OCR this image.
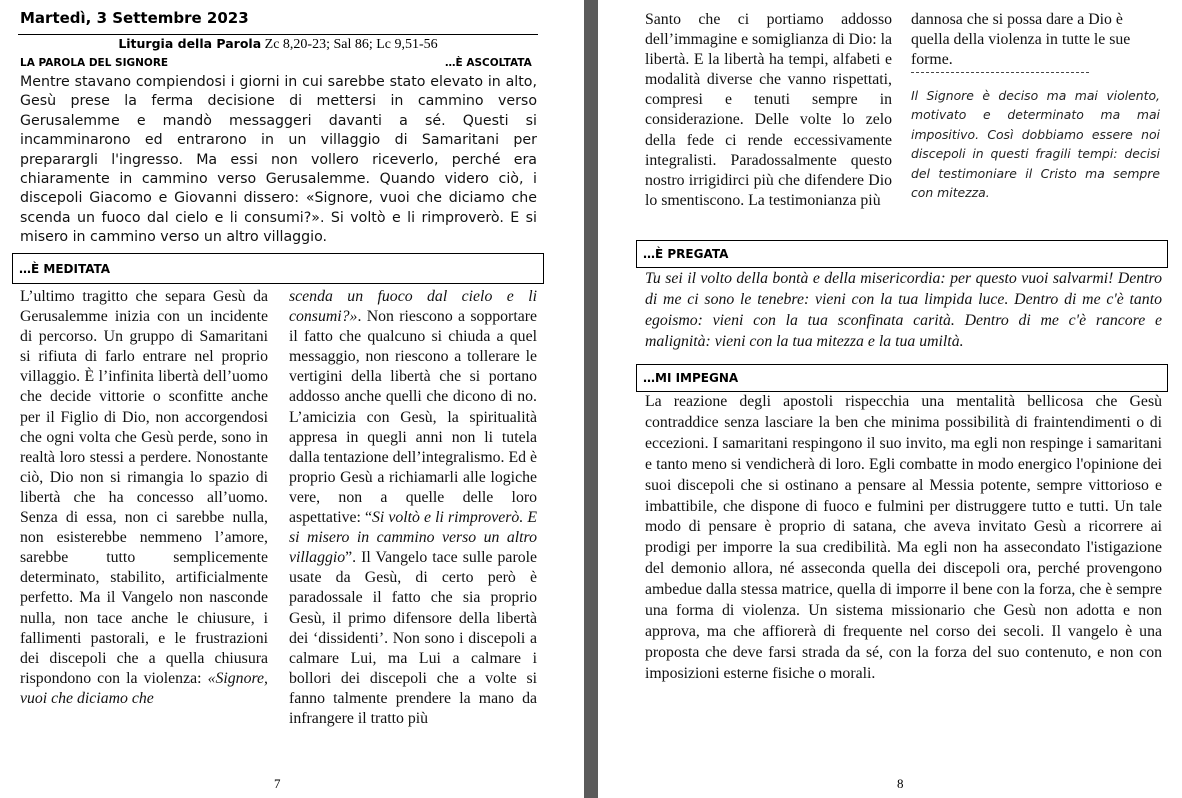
Martedì, 3 Settembre 2023
Liturgia della Parola Zc 8,20-23; Sal 86; Lc 9,51-56
LA PAROLA DEL SIGNORE	…È ASCOLTATA
Mentre stavano compiendosi i giorni in cui sarebbe stato elevato in alto, Gesù prese la ferma decisione di mettersi in cammino verso Gerusalemme e mandò messaggeri davanti a sé. Questi si incamminarono ed entrarono in un villaggio di Samaritani per preparargli l'ingresso. Ma essi non vollero riceverlo, perché era chiaramente in cammino verso Gerusalemme. Quando videro ciò, i discepoli Giacomo e Giovanni dissero: «Signore, vuoi che diciamo che scenda un fuoco dal cielo e li consumi?». Si voltò e li rimproverò. E si misero in cammino verso un altro villaggio.
…È MEDITATA
L’ultimo tragitto che separa Gesù da Gerusalemme inizia con un incidente di percorso. Un gruppo di Samaritani si rifiuta di farlo entrare nel proprio villaggio. È l’infinita libertà dell’uomo che decide vittorie o sconfitte anche per il Figlio di Dio, non accorgendosi che ogni volta che Gesù perde, sono in realtà loro stessi a perdere. Nonostante ciò, Dio non si rimangia lo spazio di libertà che ha concesso all’uomo. Senza di essa, non ci sarebbe nulla, non esisterebbe nemmeno l’amore, sarebbe tutto semplicemente determinato, stabilito, artificialmente perfetto. Ma il Vangelo non nasconde nulla, non tace anche le chiusure, i fallimenti pastorali, e le frustrazioni dei discepoli che a quella chiusura rispondono con la violenza: «Signore, vuoi che diciamo che
scenda un fuoco dal cielo e li consumi?». Non riescono a sopportare il fatto che qualcuno si chiuda a quel messaggio, non riescono a tollerare le vertigini della libertà che si portano addosso anche quelli che dicono di no. L’amicizia con Gesù, la spiritualità appresa in quegli anni non li tutela dalla tentazione dell’integralismo. Ed è proprio Gesù a richiamarli alle logiche vere, non a quelle delle loro aspettative: “Si voltò e li rimproverò. E si misero in cammino verso un altro villaggio”. Il Vangelo tace sulle parole usate da Gesù, di certo però è paradossale il fatto che sia proprio Gesù, il primo difensore della libertà dei ‘dissidenti’. Non sono i discepoli a calmare Lui, ma Lui a calmare i bollori dei discepoli che a volte si fanno talmente prendere la mano da infrangere il tratto più
7
Santo che ci portiamo addosso dell’immagine e somiglianza di Dio: la libertà. E la libertà ha tempi, alfabeti e modalità diverse che vanno rispettati, compresi e tenuti sempre in considerazione. Delle volte lo zelo della fede ci rende eccessivamente integralisti. Paradossalmente questo nostro irrigidirci più che difendere Dio lo smentiscono. La testimonianza più
dannosa che si possa dare a Dio è quella della violenza in tutte le sue forme.
Il Signore è deciso ma mai violento, motivato e determinato ma mai impositivo. Così dobbiamo essere noi discepoli in questi fragili tempi: decisi del testimoniare il Cristo ma sempre con mitezza.
…È PREGATA
Tu sei il volto della bontà e della misericordia: per questo vuoi salvarmi! Dentro di me ci sono le tenebre: vieni con la tua limpida luce. Dentro di me c'è tanto egoismo: vieni con la tua sconfinata carità. Dentro di me c'è rancore e malignità: vieni con la tua mitezza e la tua umiltà.
…MI IMPEGNA
La reazione degli apostoli rispecchia una mentalità bellicosa che Gesù contraddice senza lasciare la ben che minima possibilità di fraintendimenti o di eccezioni. I samaritani respingono il suo invito, ma egli non respinge i samaritani e tanto meno si vendicherà di loro. Egli combatte in modo energico l'opinione dei suoi discepoli che si ostinano a pensare al Messia potente, sempre vittorioso e imbattibile, che dispone di fuoco e fulmini per distruggere tutto e tutti. Un tale modo di pensare è proprio di satana, che aveva invitato Gesù a ricorrere ai prodigi per imporre la sua credibilità. Ma egli non ha assecondato l'istigazione del demonio allora, né asseconda quella dei discepoli ora, perché provengono ambedue dalla stessa matrice, quella di imporre il bene con la forza, che è sempre una forma di violenza. Un sistema missionario che Gesù non adotta e non approva, ma che affiorerà di frequente nel corso dei secoli. Il vangelo è una proposta che deve farsi strada da sé, con la forza del suo contenuto, e non con imposizioni esterne fisiche o morali.
8
